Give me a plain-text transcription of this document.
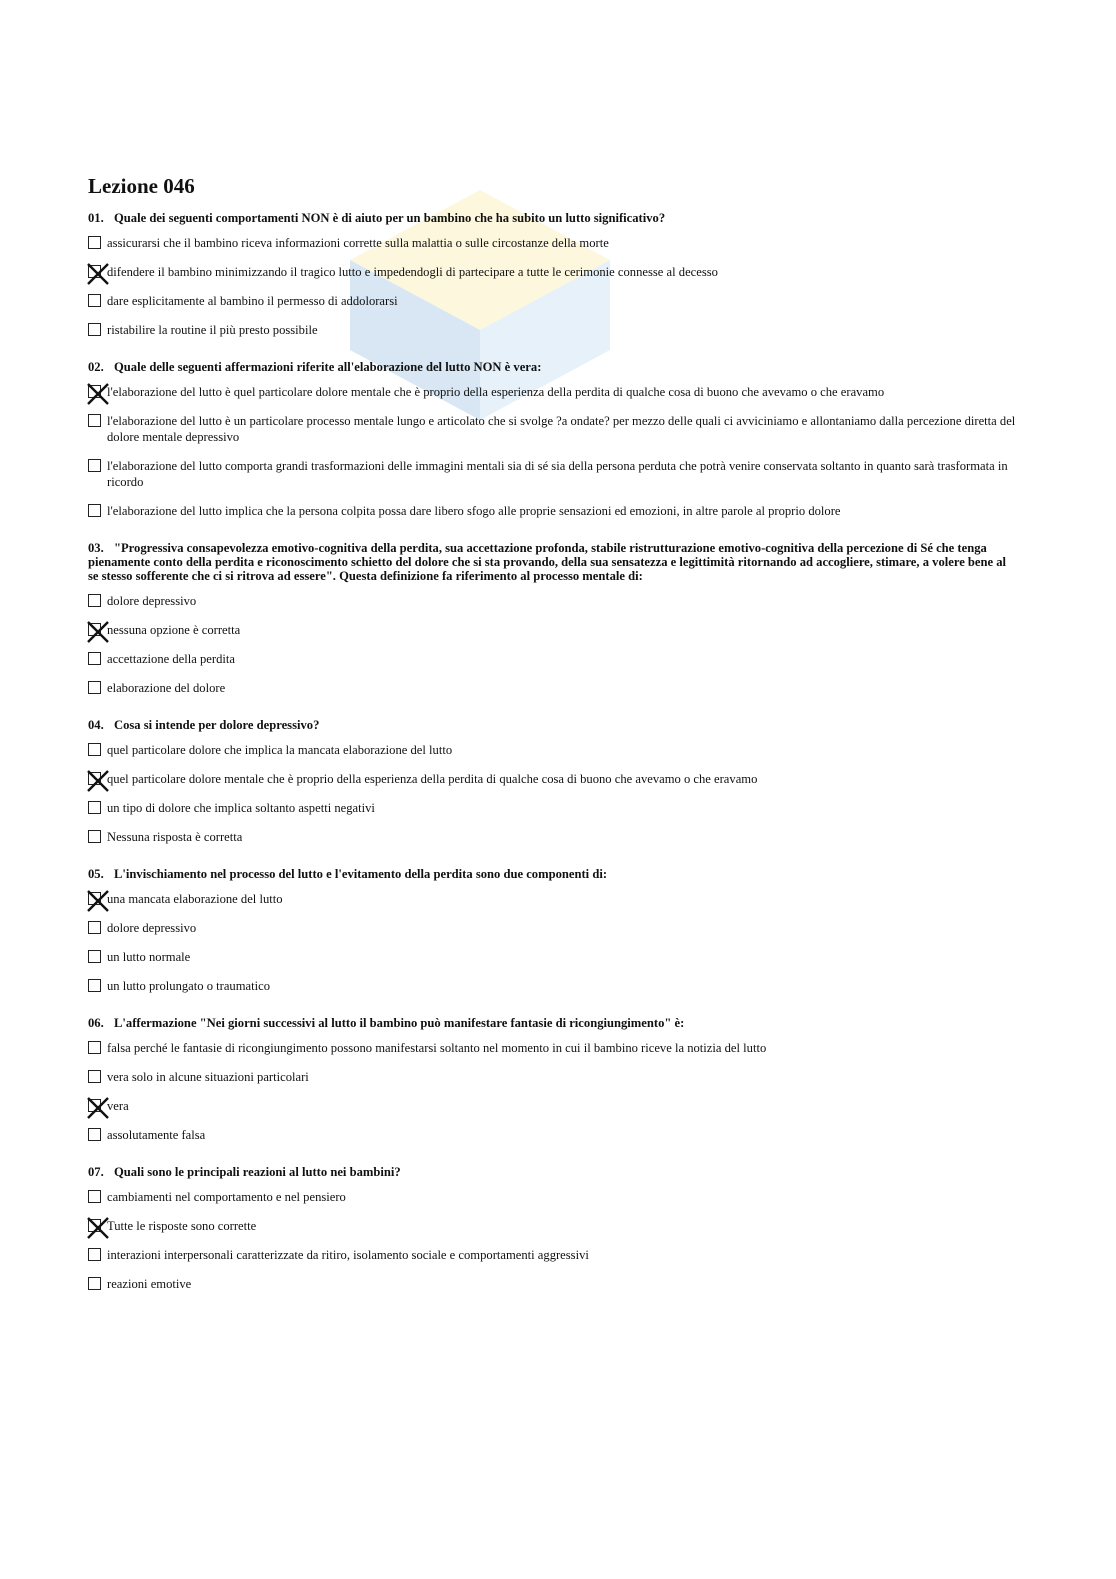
Lezione 046
01. Quale dei seguenti comportamenti NON è di aiuto per un bambino che ha subito un lutto significativo?
assicurarsi che il bambino riceva informazioni corrette sulla malattia o sulle circostanze della morte
difendere il bambino minimizzando il tragico lutto e impedendogli di partecipare a tutte le cerimonie connesse al decesso
dare esplicitamente al bambino il permesso di addolorarsi
ristabilire la routine il più presto possibile
02. Quale delle seguenti affermazioni riferite all'elaborazione del lutto NON è vera:
l'elaborazione del lutto è quel particolare dolore mentale che è proprio della esperienza della perdita di qualche cosa di buono che avevamo o che eravamo
l'elaborazione del lutto è un particolare processo mentale lungo e articolato che si svolge ?a ondate? per mezzo delle quali ci avviciniamo e allontaniamo dalla percezione diretta del dolore mentale depressivo
l'elaborazione del lutto comporta grandi trasformazioni delle immagini mentali sia di sé sia della persona perduta che potrà venire conservata soltanto in quanto sarà trasformata in ricordo
l'elaborazione del lutto implica che la persona colpita possa dare libero sfogo alle proprie sensazioni ed emozioni, in altre parole al proprio dolore
03. "Progressiva consapevolezza emotivo-cognitiva della perdita, sua accettazione profonda, stabile ristrutturazione emotivo-cognitiva della percezione di Sé che tenga pienamente conto della perdita e riconoscimento schietto del dolore che si sta provando, della sua sensatezza e legittimità ritornando ad accogliere, stimare, a volere bene al se stesso sofferente che ci si ritrova ad essere". Questa definizione fa riferimento al processo mentale di:
dolore depressivo
nessuna opzione è corretta
accettazione della perdita
elaborazione del dolore
04. Cosa si intende per dolore depressivo?
quel particolare dolore che implica la mancata elaborazione del lutto
quel particolare dolore mentale che è proprio della esperienza della perdita di qualche cosa di buono che avevamo o che eravamo
un tipo di dolore che implica soltanto aspetti negativi
Nessuna risposta è corretta
05. L'invischiamento nel processo del lutto e l'evitamento della perdita sono due componenti di:
una mancata elaborazione del lutto
dolore depressivo
un lutto normale
un lutto prolungato o traumatico
06. L'affermazione "Nei giorni successivi al lutto il bambino può manifestare fantasie di ricongiungimento" è:
falsa perché le fantasie di ricongiungimento possono manifestarsi soltanto nel momento in cui il bambino riceve la notizia del lutto
vera solo in alcune situazioni particolari
vera
assolutamente falsa
07. Quali sono le principali reazioni al lutto nei bambini?
cambiamenti nel comportamento e nel pensiero
Tutte le risposte sono corrette
interazioni interpersonali caratterizzate da ritiro, isolamento sociale e comportamenti aggressivi
reazioni emotive
